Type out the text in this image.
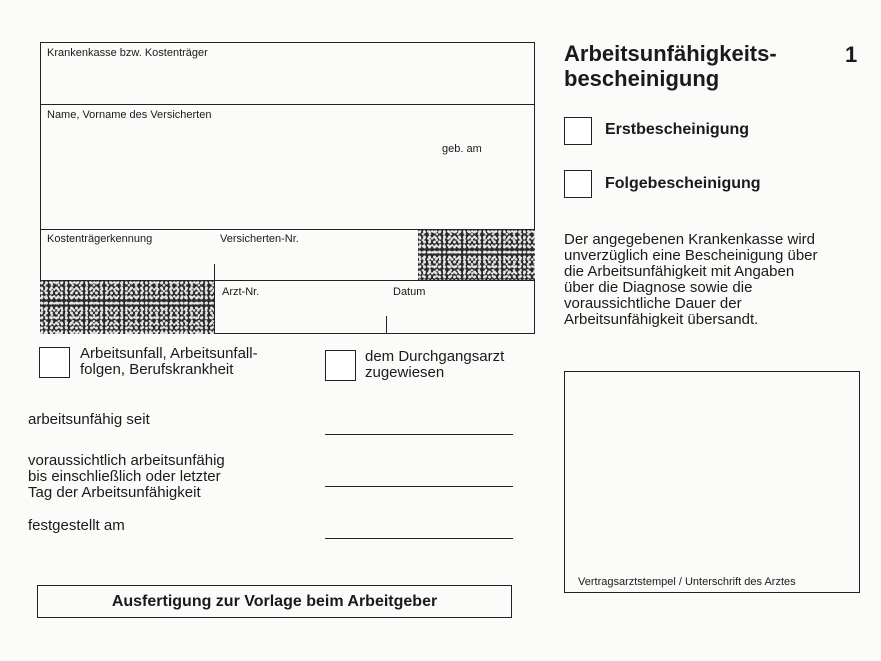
Krankenkasse bzw. Kostenträger
Name, Vorname des Versicherten
geb. am
Kostenträgerkennung	Versicherten-Nr.
Arzt-Nr.	Datum
Arbeitsunfall, Arbeitsunfall-
folgen, Berufskrankheit
dem Durchgangsarzt
zugewiesen
arbeitsunfähig seit
voraussichtlich arbeitsunfähig
bis einschließlich oder letzter
Tag der Arbeitsunfähigkeit
festgestellt am
Ausfertigung zur Vorlage beim Arbeitgeber
Arbeitsunfähigkeits-
bescheinigung
1
Erstbescheinigung
Folgebescheinigung
Der angegebenen Krankenkasse wird
unverzüglich eine Bescheinigung über
die Arbeitsunfähigkeit mit Angaben
über die Diagnose sowie die
voraussichtliche Dauer der
Arbeitsunfähigkeit übersandt.
Vertragsarztstempel / Unterschrift des Arztes
